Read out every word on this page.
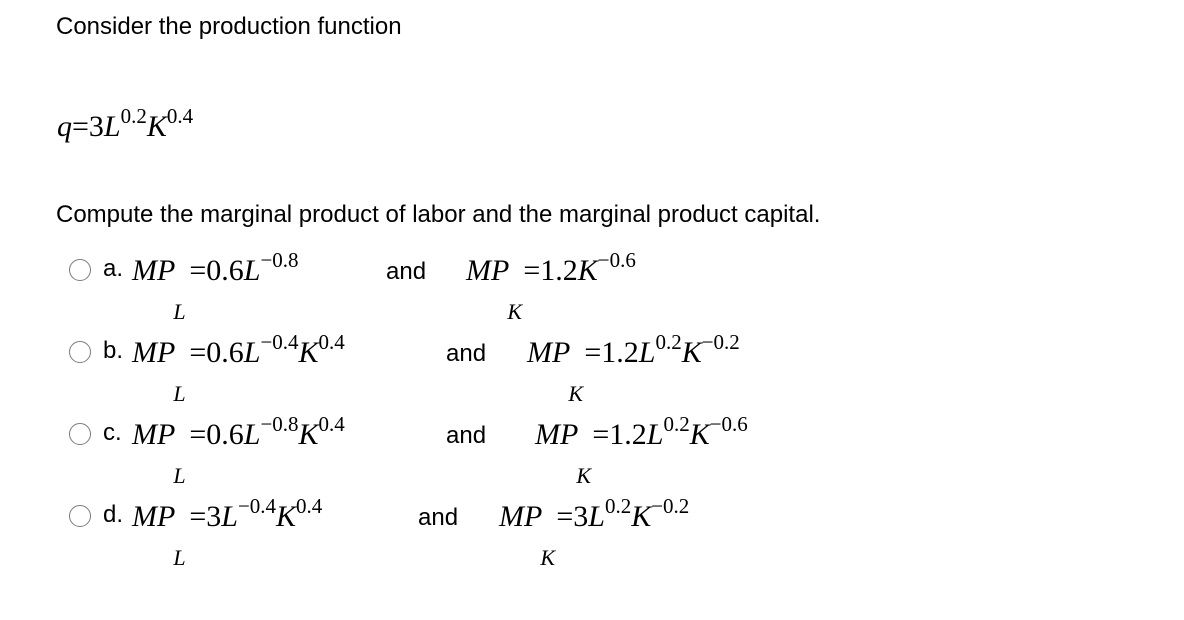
Consider the production function
$q=3L^{0.2}K^{0.4}$
Compute the marginal product of labor and the marginal product capital.
a. MP
L
$=0.6L^{-0.8}$	and MP
K
$=1.2K^{-0.6}$
b. MP
L
$=0.6L^{-0.4}K^{0.4}$	and MP
K
$=1.2L^{0.2}K^{-0.2}$
c. MP
L
$=0.6L^{-0.8}K^{0.4}$	and MP
K
$=1.2L^{0.2}K^{-0.6}$
d. MP
L
$=3L^{-0.4}K^{0.4}$	and MP
K
$=3L^{0.2}K^{-0.2}$
